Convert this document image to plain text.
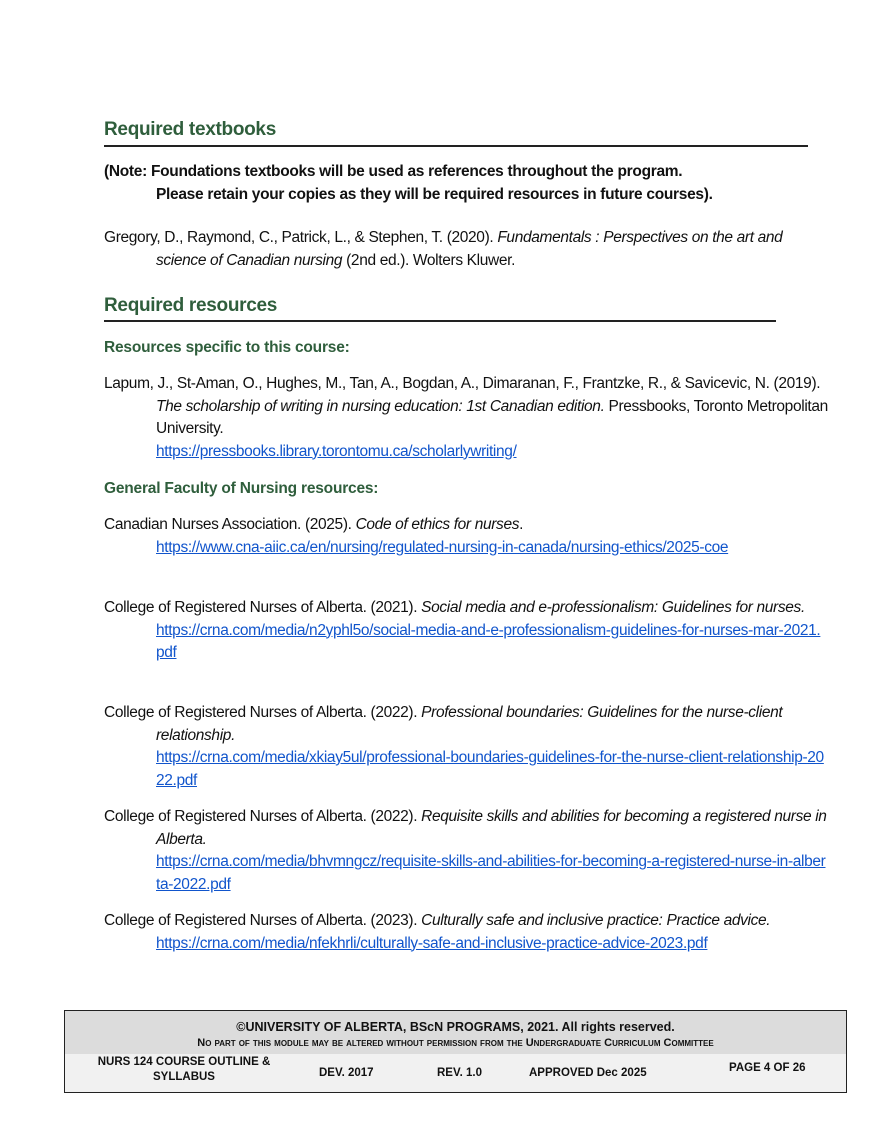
Required textbooks
(Note: Foundations textbooks will be used as references throughout the program.
Please retain your copies as they will be required resources in future courses).
Gregory, D., Raymond, C., Patrick, L., & Stephen, T. (2020). Fundamentals : Perspectives on the art and science of Canadian nursing (2nd ed.). Wolters Kluwer.
Required resources
Resources specific to this course:
Lapum, J., St-Aman, O., Hughes, M., Tan, A., Bogdan, A., Dimaranan, F., Frantzke, R., & Savicevic, N. (2019). The scholarship of writing in nursing education: 1st Canadian edition. Pressbooks, Toronto Metropolitan University.
https://pressbooks.library.torontomu.ca/scholarlywriting/
General Faculty of Nursing resources:
Canadian Nurses Association. (2025). Code of ethics for nurses.
https://www.cna-aiic.ca/en/nursing/regulated-nursing-in-canada/nursing-ethics/2025-coe
College of Registered Nurses of Alberta. (2021). Social media and e-professionalism: Guidelines for nurses.
https://crna.com/media/n2yphl5o/social-media-and-e-professionalism-guidelines-for-nurses-mar-2021.pdf
College of Registered Nurses of Alberta. (2022). Professional boundaries: Guidelines for the nurse-client relationship.
https://crna.com/media/xkiay5ul/professional-boundaries-guidelines-for-the-nurse-client-relationship-2022.pdf
College of Registered Nurses of Alberta. (2022). Requisite skills and abilities for becoming a registered nurse in Alberta.
https://crna.com/media/bhvmngcz/requisite-skills-and-abilities-for-becoming-a-registered-nurse-in-alberta-2022.pdf
College of Registered Nurses of Alberta. (2023). Culturally safe and inclusive practice: Practice advice.
https://crna.com/media/nfekhrli/culturally-safe-and-inclusive-practice-advice-2023.pdf
©UNIVERSITY OF ALBERTA, BScN PROGRAMS, 2021. All rights reserved.
No part of this module may be altered without permission from the Undergraduate Curriculum Committee
NURS 124 COURSE OUTLINE &
SYLLABUS	DEV. 2017	REV. 1.0	APPROVED Dec 2025	PAGE 4 OF 26
